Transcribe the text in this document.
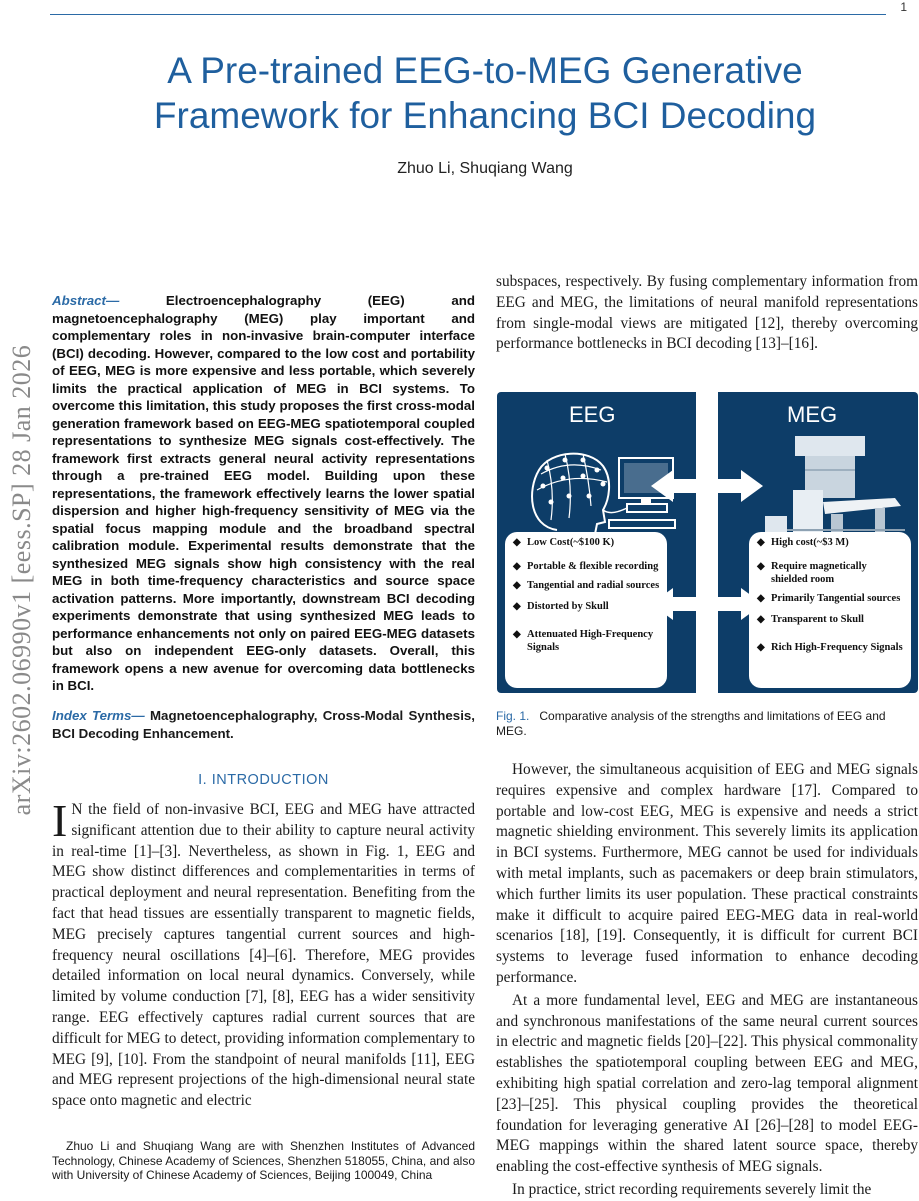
1
A Pre-trained EEG-to-MEG Generative
Framework for Enhancing BCI Decoding
Zhuo Li, Shuqiang Wang
arXiv:2602.06990v1 [eess.SP] 28 Jan 2026
Abstract—	Electroencephalography (EEG) and magnetoencephalography (MEG) play important and complementary roles in non-invasive brain-computer interface (BCI) decoding. However, compared to the low cost and portability of EEG, MEG is more expensive and less portable, which severely limits the practical application of MEG in BCI systems. To overcome this limitation, this study proposes the first cross-modal generation framework based on EEG-MEG spatiotemporal coupled representations to synthesize MEG signals cost-effectively. The framework first extracts general neural activity representations through a pre-trained EEG model. Building upon these representations, the framework effectively learns the lower spatial dispersion and higher high-frequency sensitivity of MEG via the spatial focus mapping module and the broadband spectral calibration module. Experimental results demonstrate that the synthesized MEG signals show high consistency with the real MEG in both time-frequency characteristics and source space activation patterns. More importantly, downstream BCI decoding experiments demonstrate that using synthesized MEG leads to performance enhancements not only on paired EEG-MEG datasets but also on independent EEG-only datasets. Overall, this framework opens a new avenue for overcoming data bottlenecks in BCI.
Index Terms— Magnetoencephalography, Cross-Modal Synthesis, BCI Decoding Enhancement.
I. INTRODUCTION
I N the field of non-invasive BCI, EEG and MEG have attracted significant attention due to their ability to capture neural activity in real-time [1]–[3]. Nevertheless, as shown in Fig. 1, EEG and MEG show distinct differences and complementarities in terms of practical deployment and neural representation. Benefiting from the fact that head tissues are essentially transparent to magnetic fields, MEG precisely captures tangential current sources and high-frequency neural oscillations [4]–[6]. Therefore, MEG provides detailed information on local neural dynamics. Conversely, while limited by volume conduction [7], [8], EEG has a wider sensitivity range. EEG effectively captures radial current sources that are difficult for MEG to detect, providing information complementary to MEG [9], [10]. From the standpoint of neural manifolds [11], EEG and MEG represent projections of the high-dimensional neural state space onto magnetic and electric
Zhuo Li and Shuqiang Wang are with Shenzhen Institutes of Advanced Technology, Chinese Academy of Sciences, Shenzhen 518055, China, and also with University of Chinese Academy of Sciences, Beijing 100049, China
subspaces, respectively. By fusing complementary information from EEG and MEG, the limitations of neural manifold representations from single-modal views are mitigated [12], thereby overcoming performance bottlenecks in BCI decoding [13]–[16].
EEG	MEG
◆ Low Cost(~$100 K)
◆ Portable & flexible recording
◆ Tangential and radial sources
◆ Distorted by Skull
◆ Attenuated High-Frequency Signals
◆ High cost(~$3 M)
◆ Require magnetically shielded room
◆ Primarily Tangential sources
◆ Transparent to Skull
◆ Rich High-Frequency Signals
Fig. 1. Comparative analysis of the strengths and limitations of EEG and MEG.

However, the simultaneous acquisition of EEG and MEG signals requires expensive and complex hardware [17]. Compared to portable and low-cost EEG, MEG is expensive and needs a strict magnetic shielding environment. This severely limits its application in BCI systems. Furthermore, MEG cannot be used for individuals with metal implants, such as pacemakers or deep brain stimulators, which further limits its user population. These practical constraints make it difficult to acquire paired EEG-MEG data in real-world scenarios [18], [19]. Consequently, it is difficult for current BCI systems to leverage fused information to enhance decoding performance.

At a more fundamental level, EEG and MEG are instantaneous and synchronous manifestations of the same neural current sources in electric and magnetic fields [20]–[22]. This physical commonality establishes the spatiotemporal coupling between EEG and MEG, exhibiting high spatial correlation and zero-lag temporal alignment [23]–[25]. This physical coupling provides the theoretical foundation for leveraging generative AI [26]–[28] to model EEG-MEG mappings within the shared latent source space, thereby enabling the cost-effective synthesis of MEG signals.

In practice, strict recording requirements severely limit the
